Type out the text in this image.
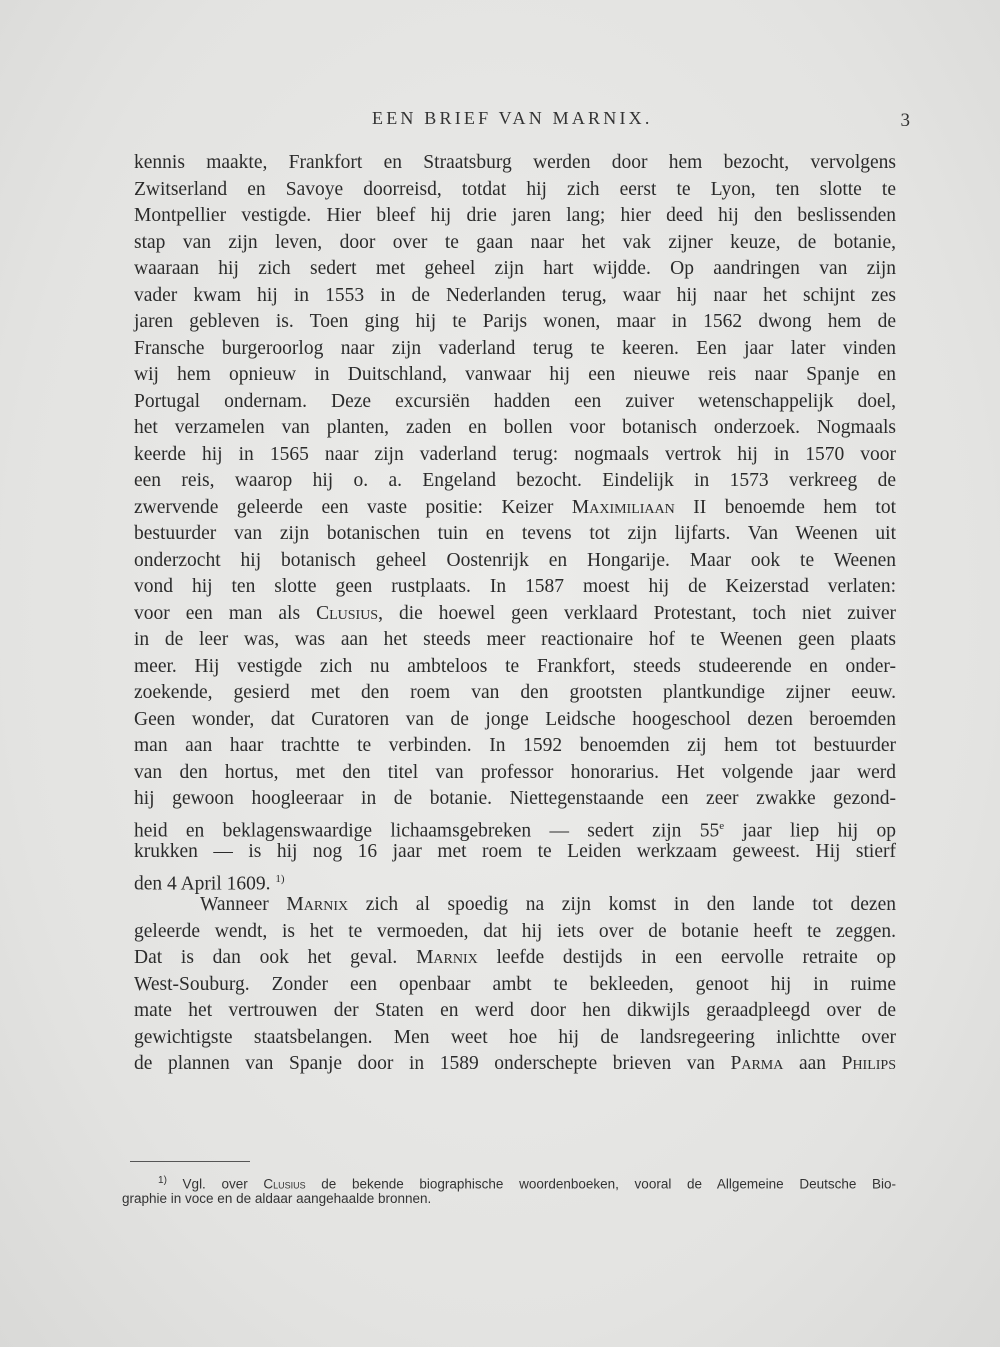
EEN BRIEF VAN MARNIX.	3
kennis maakte, Frankfort en Straatsburg werden door hem bezocht, vervolgens
Zwitserland en Savoye doorreisd, totdat hij zich eerst te Lyon, ten slotte te
Montpellier vestigde. Hier bleef hij drie jaren lang; hier deed hij den beslissenden
stap van zijn leven, door over te gaan naar het vak zijner keuze, de botanie,
waaraan hij zich sedert met geheel zijn hart wijdde. Op aandringen van zijn
vader kwam hij in 1553 in de Nederlanden terug, waar hij naar het schijnt zes
jaren gebleven is. Toen ging hij te Parijs wonen, maar in 1562 dwong hem de
Fransche burgeroorlog naar zijn vaderland terug te keeren. Een jaar later vinden
wij hem opnieuw in Duitschland, vanwaar hij een nieuwe reis naar Spanje en
Portugal ondernam. Deze excursiën hadden een zuiver wetenschappelijk doel,
het verzamelen van planten, zaden en bollen voor botanisch onderzoek. Nogmaals
keerde hij in 1565 naar zijn vaderland terug: nogmaals vertrok hij in 1570 voor
een reis, waarop hij o. a. Engeland bezocht. Eindelijk in 1573 verkreeg de
zwervende geleerde een vaste positie: Keizer Maximiliaan II benoemde hem tot
bestuurder van zijn botanischen tuin en tevens tot zijn lijfarts. Van Weenen uit
onderzocht hij botanisch geheel Oostenrijk en Hongarije. Maar ook te Weenen
vond hij ten slotte geen rustplaats. In 1587 moest hij de Keizerstad verlaten:
voor een man als Clusius, die hoewel geen verklaard Protestant, toch niet zuiver
in de leer was, was aan het steeds meer reactionaire hof te Weenen geen plaats
meer. Hij vestigde zich nu ambteloos te Frankfort, steeds studeerende en onder-
zoekende, gesierd met den roem van den grootsten plantkundige zijner eeuw.
Geen wonder, dat Curatoren van de jonge Leidsche hoogeschool dezen beroemden
man aan haar trachtte te verbinden. In 1592 benoemden zij hem tot bestuurder
van den hortus, met den titel van professor honorarius. Het volgende jaar werd
hij gewoon hoogleeraar in de botanie. Niettegenstaande een zeer zwakke gezond-
heid en beklagenswaardige lichaamsgebreken — sedert zijn 55e jaar liep hij op
krukken — is hij nog 16 jaar met roem te Leiden werkzaam geweest. Hij stierf
den 4 April 1609. $^{1)}$
Wanneer Marnix zich al spoedig na zijn komst in den lande tot dezen
geleerde wendt, is het te vermoeden, dat hij iets over de botanie heeft te zeggen.
Dat is dan ook het geval. Marnix leefde destijds in een eervolle retraite op
West-Souburg. Zonder een openbaar ambt te bekleeden, genoot hij in ruime
mate het vertrouwen der Staten en werd door hen dikwijls geraadpleegd over de
gewichtigste staatsbelangen. Men weet hoe hij de landsregeering inlichtte over
de plannen van Spanje door in 1589 onderschepte brieven van Parma aan Philips
$^{1)}$ Vgl. over Clusius de bekende biographische woordenboeken, vooral de Allgemeine Deutsche Bio-
graphie in voce en de aldaar aangehaalde bronnen.
